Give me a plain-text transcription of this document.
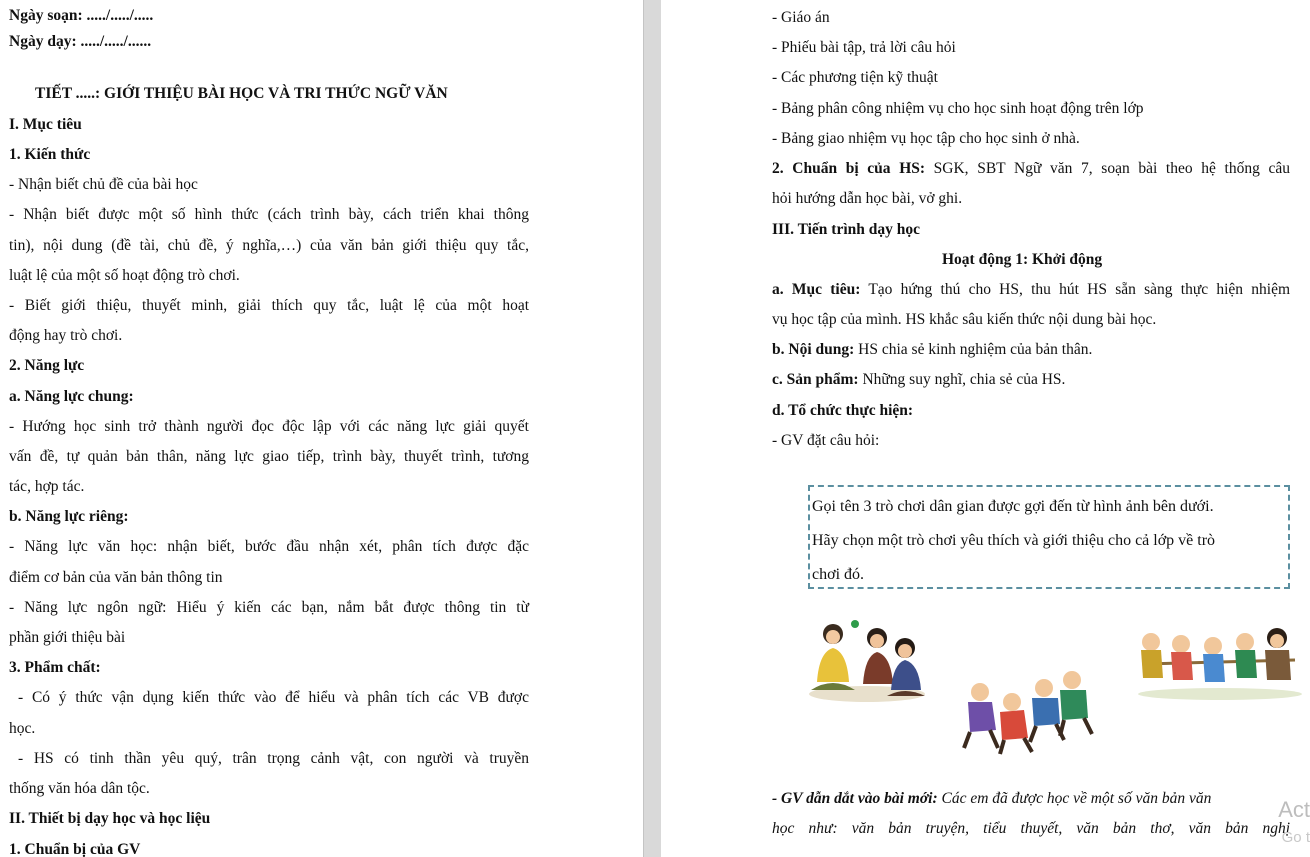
Ngày soạn: ...../...../.....
Ngày dạy: ...../...../......
TIẾT .....: GIỚI THIỆU BÀI HỌC VÀ TRI THỨC NGỮ VĂN
I. Mục tiêu
1. Kiến thức
- Nhận biết chủ đề của bài học
- Nhận biết được một số hình thức (cách trình bày, cách triển khai thông
tin), nội dung (đề tài, chủ đề, ý nghĩa,…) của văn bản giới thiệu quy tắc,
luật lệ của một số hoạt động trò chơi.
- Biết giới thiệu, thuyết minh, giải thích quy tắc, luật lệ của một hoạt
động hay trò chơi.
2. Năng lực
a. Năng lực chung:
- Hướng học sinh trở thành người đọc độc lập với các năng lực giải quyết
vấn đề, tự quản bản thân, năng lực giao tiếp, trình bày, thuyết trình, tương
tác, hợp tác.
b. Năng lực riêng:
- Năng lực văn học: nhận biết, bước đầu nhận xét, phân tích được đặc
điểm cơ bản của văn bản thông tin
- Năng lực ngôn ngữ: Hiểu ý kiến các bạn, nắm bắt được thông tin từ
phần giới thiệu bài
3. Phẩm chất:
- Có ý thức vận dụng kiến thức vào để hiểu và phân tích các VB được
học.
- HS có tinh thần yêu quý, trân trọng cảnh vật, con người và truyền
thống văn hóa dân tộc.
II. Thiết bị dạy học và học liệu
1. Chuẩn bị của GV
- Giáo án
- Phiếu bài tập, trả lời câu hỏi
- Các phương tiện kỹ thuật
- Bảng phân công nhiệm vụ cho học sinh hoạt động trên lớp
- Bảng giao nhiệm vụ học tập cho học sinh ở nhà.
2. Chuẩn bị của HS: SGK, SBT Ngữ văn 7, soạn bài theo hệ thống câu
hỏi hướng dẫn học bài, vở ghi.
III. Tiến trình dạy học
Hoạt động 1: Khởi động
a. Mục tiêu: Tạo hứng thú cho HS, thu hút HS sẵn sàng thực hiện nhiệm
vụ học tập của mình. HS khắc sâu kiến thức nội dung bài học.
b. Nội dung: HS chia sẻ kinh nghiệm của bản thân.
c. Sản phẩm: Những suy nghĩ, chia sẻ của HS.
d. Tổ chức thực hiện:
- GV đặt câu hỏi:
Gọi tên 3 trò chơi dân gian được gợi đến từ hình ảnh bên dưới.
Hãy chọn một trò chơi yêu thích và giới thiệu cho cả lớp về trò
chơi đó.
- GV dẫn dắt vào bài mới: Các em đã được học về một số văn bản văn
học như: văn bản truyện, tiểu thuyết, văn bản thơ, văn bản nghị
Act
Go t
